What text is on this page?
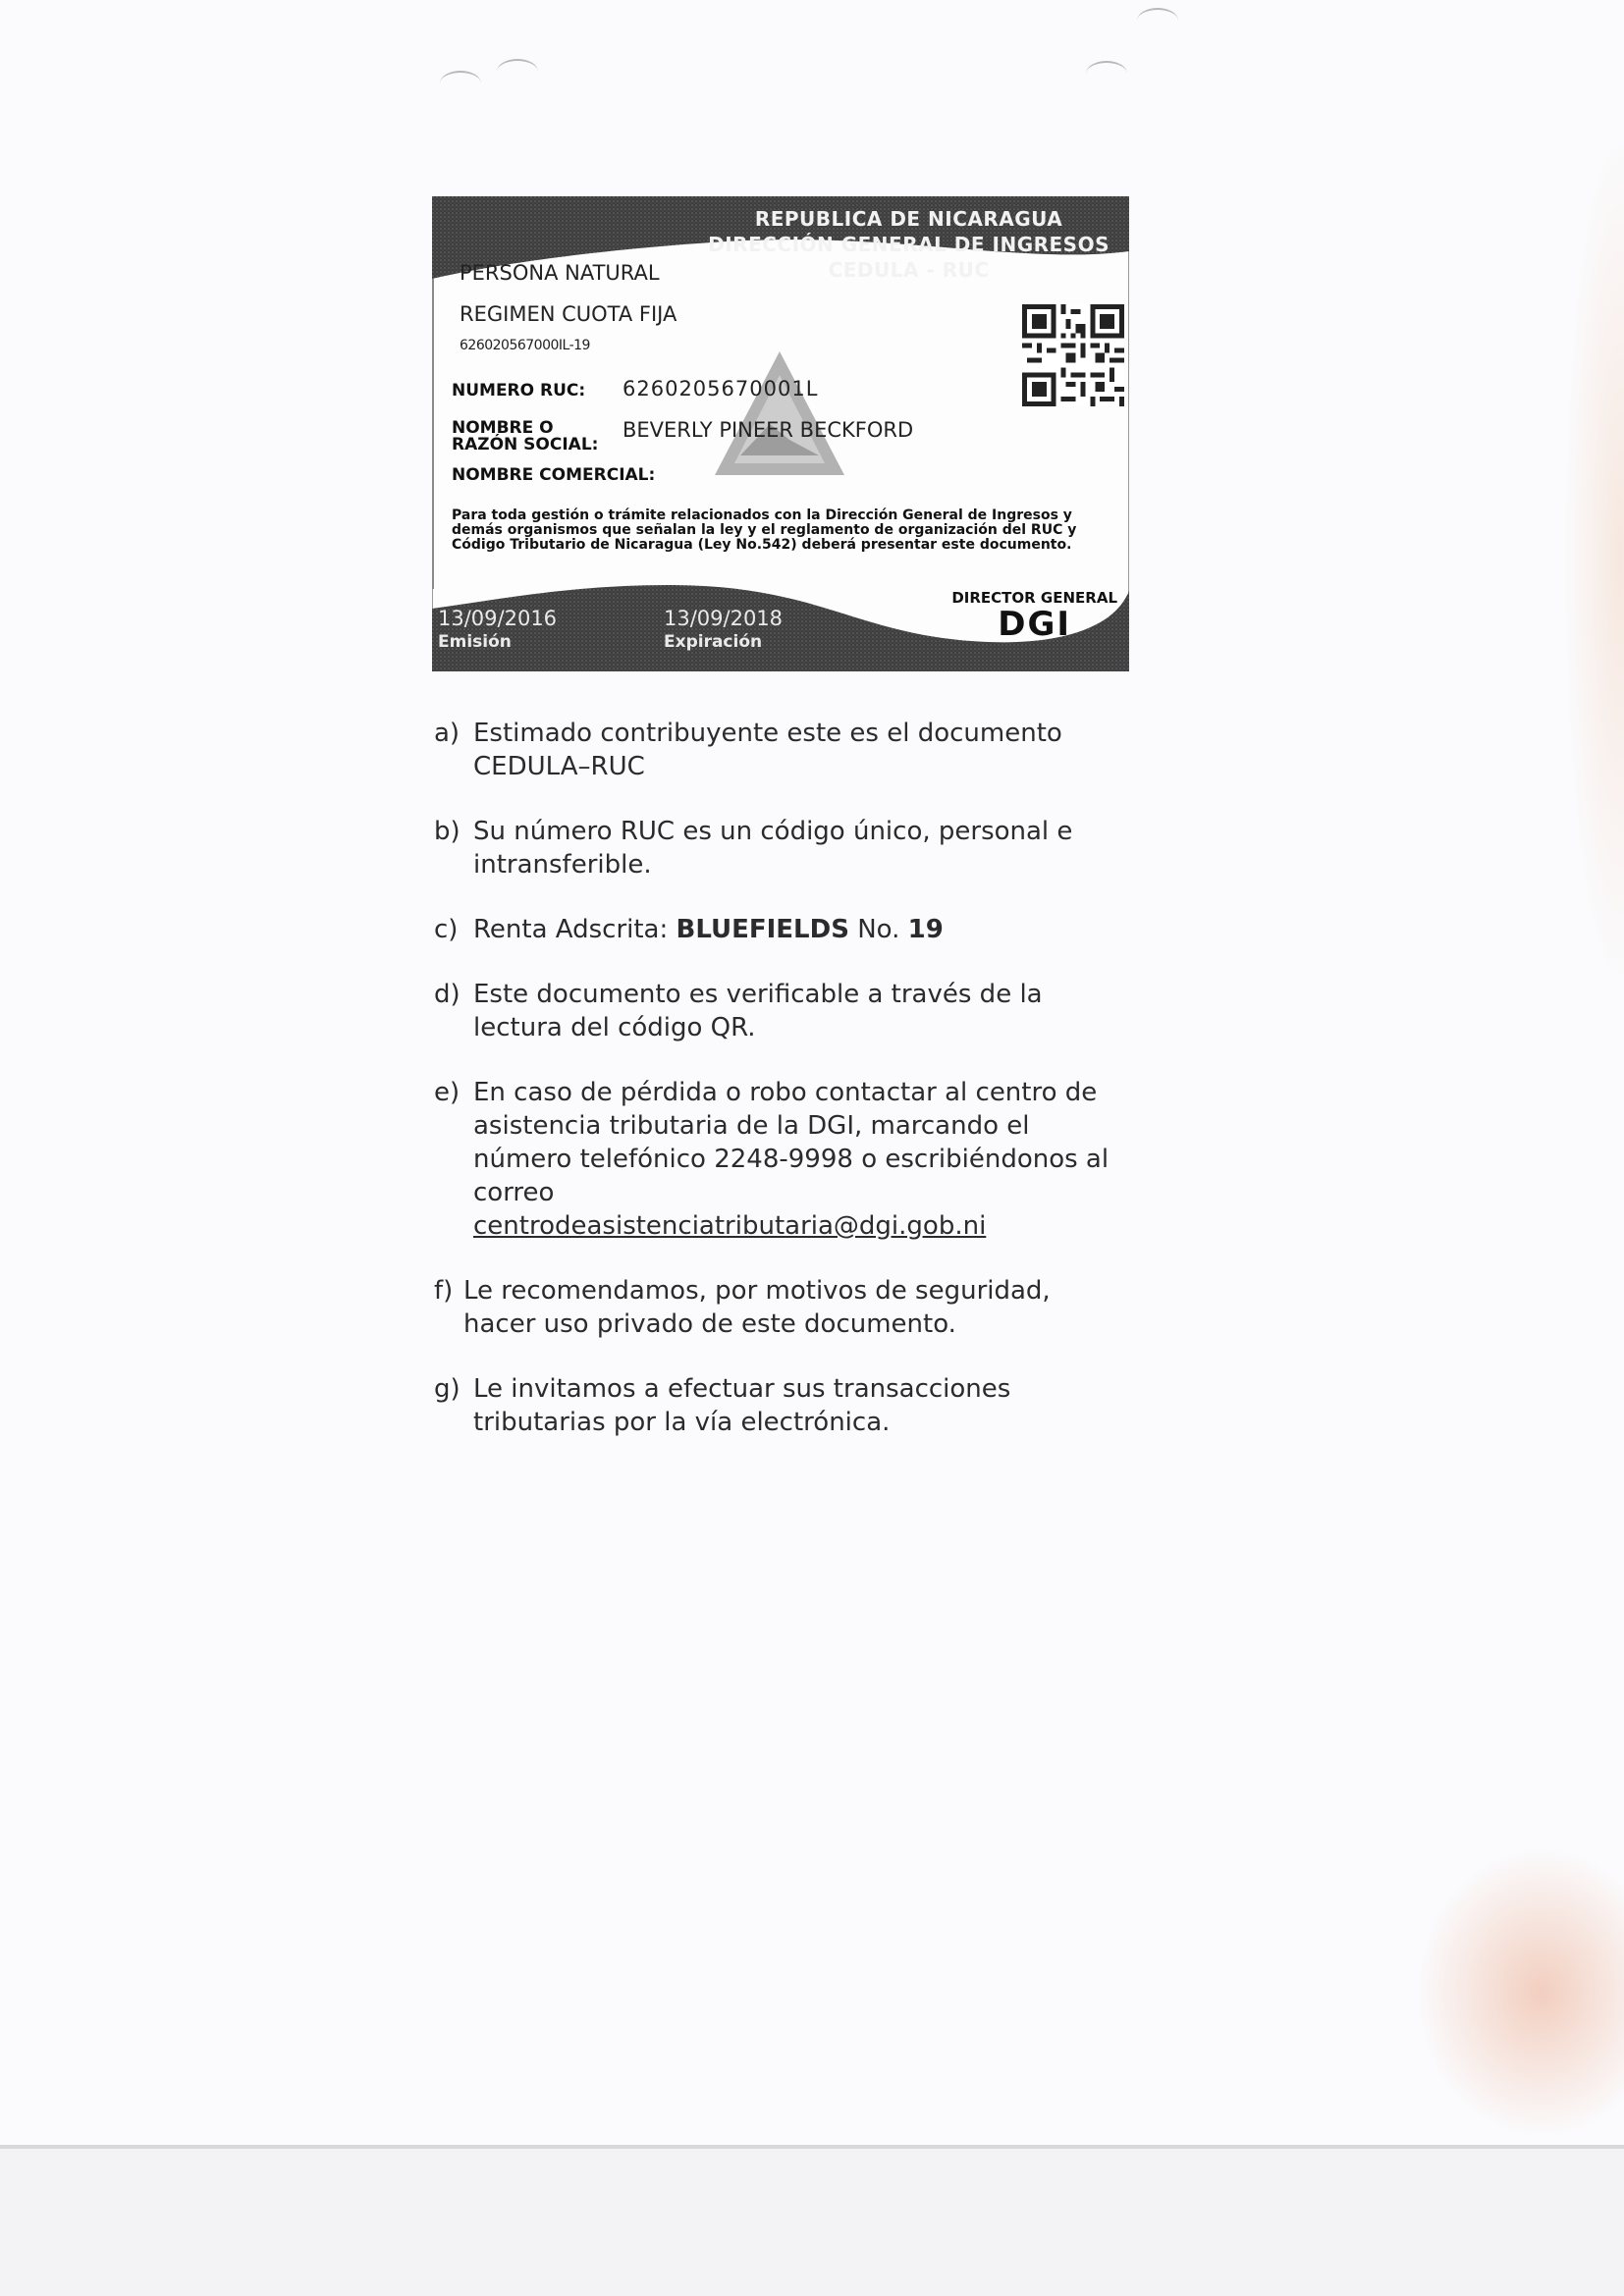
REPUBLICA DE NICARAGUA
DIRECCIÓN GENERAL DE INGRESOS
CEDULA - RUC
PERSONA NATURAL
REGIMEN CUOTA FIJA
626020567000IL-19
NUMERO RUC: 6260205670001L
NOMBRE O RAZÓN SOCIAL:
BEVERLY PINEER BECKFORD
NOMBRE COMERCIAL:
Para toda gestión o trámite relacionados con la Dirección General de Ingresos y demás organismos que señalan la ley y el reglamento de organización del RUC y Código Tributario de Nicaragua (Ley No.542) deberá presentar este documento.
13/09/2016
Emisión
13/09/2018
Expiración
DIRECTOR GENERAL
DGI
a) Estimado contribuyente este es el documento CEDULA–RUC
b) Su número RUC es un código único, personal e intransferible.
c) Renta Adscrita: BLUEFIELDS No. 19
d) Este documento es verificable a través de la lectura del código QR.
e) En caso de pérdida o robo contactar al centro de asistencia tributaria de la DGI, marcando el número telefónico 2248-9998 o escribiéndonos al correo
centrodeasistenciatributaria@dgi.gob.ni
f) Le recomendamos, por motivos de seguridad, hacer uso privado de este documento.
g) Le invitamos a efectuar sus transacciones tributarias por la vía electrónica.
